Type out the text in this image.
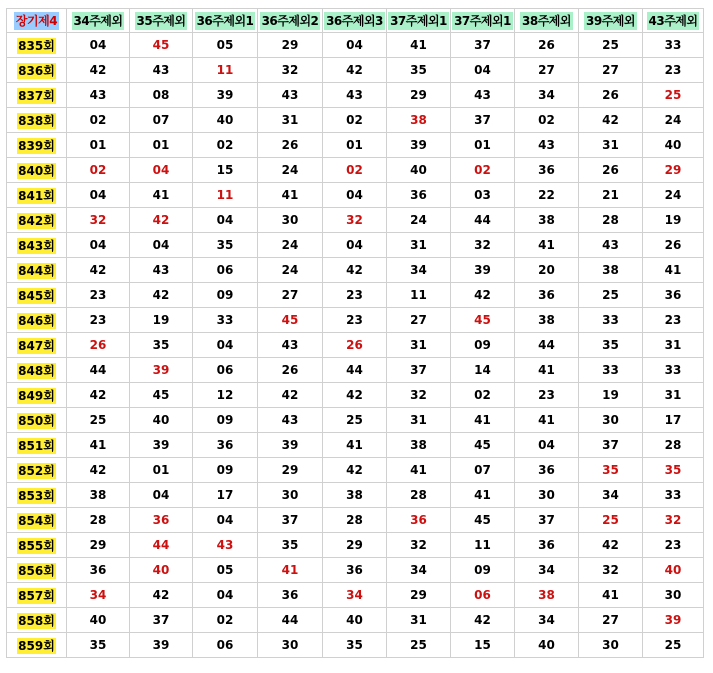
장기제4	34주제외	35주제외	36주제외1	36주제외2	36주제외3	37주제외1	37주제외1	38주제외	39주제외	43주제외
835회	04	45	05	29	04	41	37	26	25	33
836회	42	43	11	32	42	35	04	27	27	23
837회	43	08	39	43	43	29	43	34	26	25
838회	02	07	40	31	02	38	37	02	42	24
839회	01	01	02	26	01	39	01	43	31	40
840회	02	04	15	24	02	40	02	36	26	29
841회	04	41	11	41	04	36	03	22	21	24
842회	32	42	04	30	32	24	44	38	28	19
843회	04	04	35	24	04	31	32	41	43	26
844회	42	43	06	24	42	34	39	20	38	41
845회	23	42	09	27	23	11	42	36	25	36
846회	23	19	33	45	23	27	45	38	33	23
847회	26	35	04	43	26	31	09	44	35	31
848회	44	39	06	26	44	37	14	41	33	33
849회	42	45	12	42	42	32	02	23	19	31
850회	25	40	09	43	25	31	41	41	30	17
851회	41	39	36	39	41	38	45	04	37	28
852회	42	01	09	29	42	41	07	36	35	35
853회	38	04	17	30	38	28	41	30	34	33
854회	28	36	04	37	28	36	45	37	25	32
855회	29	44	43	35	29	32	11	36	42	23
856회	36	40	05	41	36	34	09	34	32	40
857회	34	42	04	36	34	29	06	38	41	30
858회	40	37	02	44	40	31	42	34	27	39
859회	35	39	06	30	35	25	15	40	30	25
